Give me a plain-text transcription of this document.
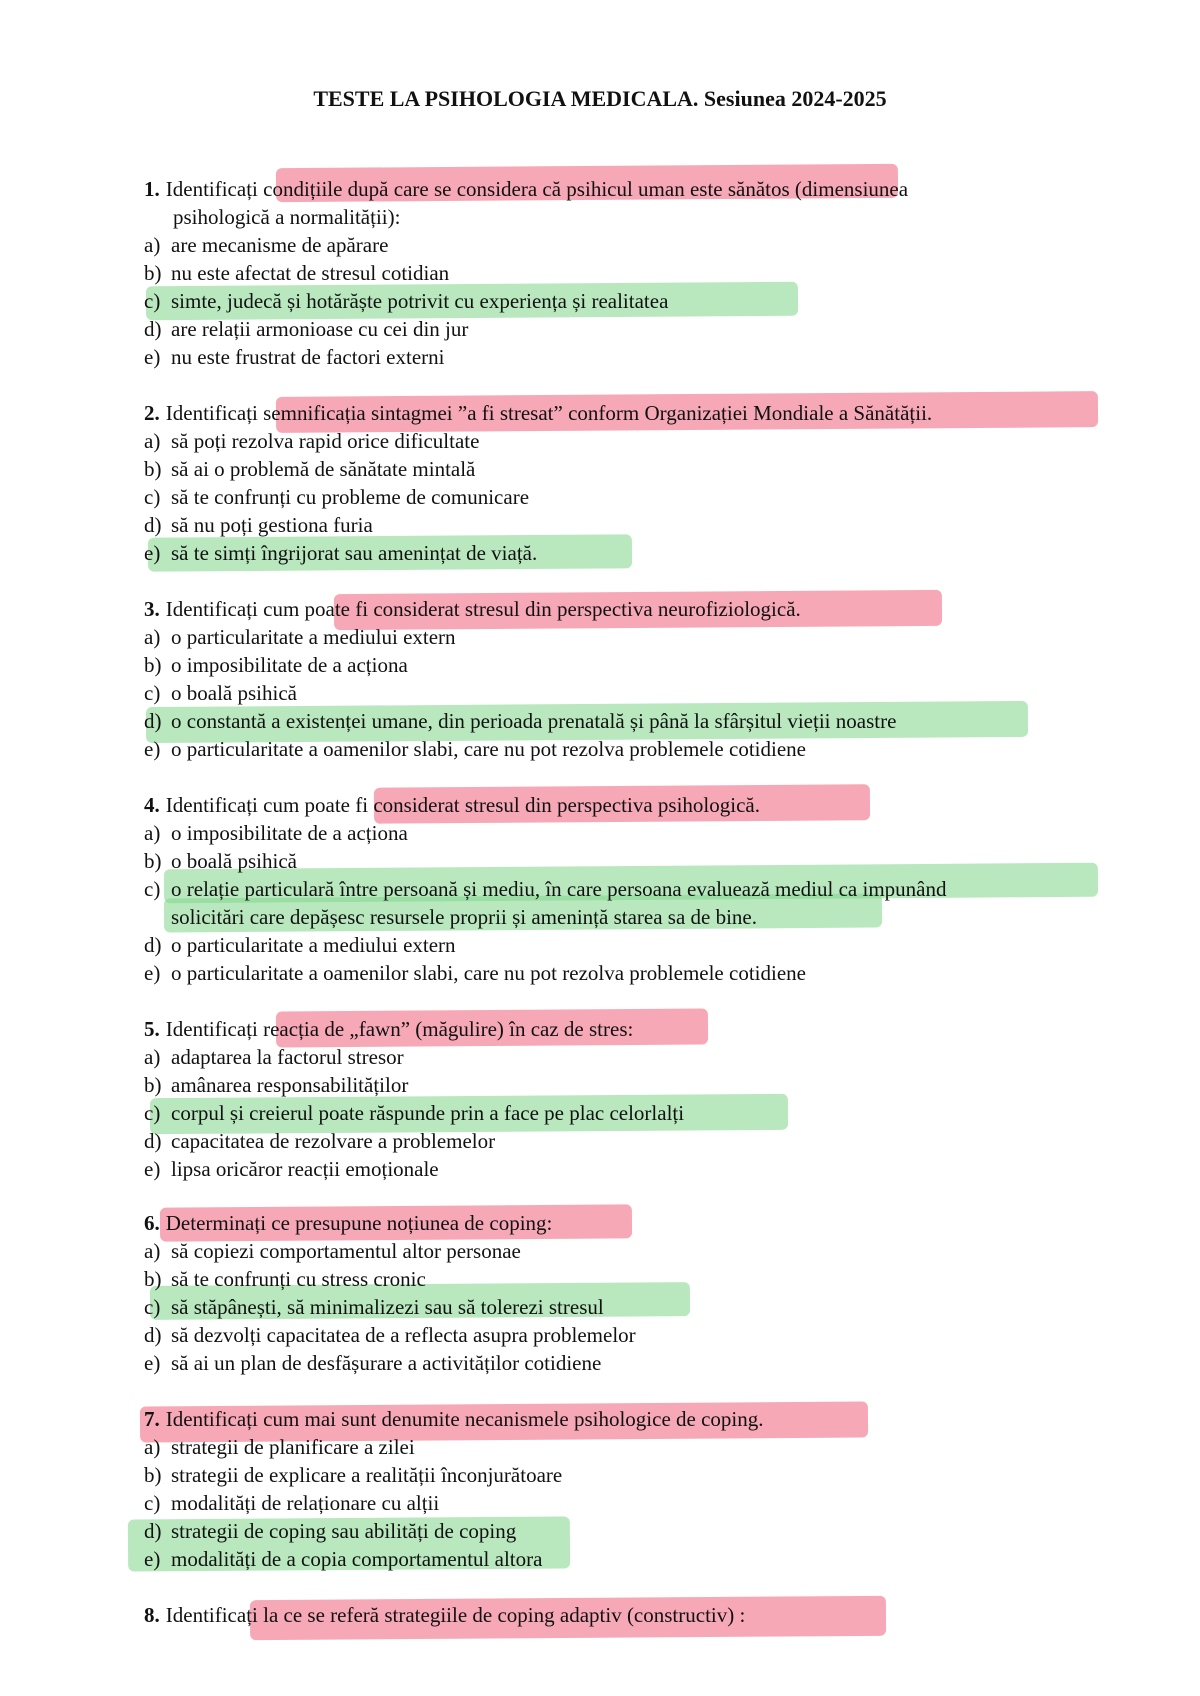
TESTE LA PSIHOLOGIA MEDICALA. Sesiunea 2024-2025
1. Identificați condițiile după care se considera că psihicul uman este sănătos (dimensiunea
psihologică a normalității):
a) are mecanisme de apărare
b) nu este afectat de stresul cotidian
c) simte, judecă și hotărăște potrivit cu experiența și realitatea
d) are relații armonioase cu cei din jur
e) nu este frustrat de factori externi
2. Identificați semnificația sintagmei ”a fi stresat” conform Organizației Mondiale a Sănătății.
a) să poți rezolva rapid orice dificultate
b) să ai o problemă de sănătate mintală
c) să te confrunți cu probleme de comunicare
d) să nu poți gestiona furia
e) să te simți îngrijorat sau amenințat de viață.
3. Identificați cum poate fi considerat stresul din perspectiva neurofiziologică.
a) o particularitate a mediului extern
b) o imposibilitate de a acționa
c) o boală psihică
d) o constantă a existenței umane, din perioada prenatală și până la sfârșitul vieții noastre
e) o particularitate a oamenilor slabi, care nu pot rezolva problemele cotidiene
4. Identificați cum poate fi considerat stresul din perspectiva psihologică.
a) o imposibilitate de a acționa
b) o boală psihică
c) o relație particulară între persoană și mediu, în care persoana evaluează mediul ca impunând
solicitări care depășesc resursele proprii și amenință starea sa de bine.
d) o particularitate a mediului extern
e) o particularitate a oamenilor slabi, care nu pot rezolva problemele cotidiene
5. Identificați reacția de „fawn” (măgulire) în caz de stres:
a) adaptarea la factorul stresor
b) amânarea responsabilităților
c) corpul și creierul poate răspunde prin a face pe plac celorlalți
d) capacitatea de rezolvare a problemelor
e) lipsa oricăror reacții emoționale
6. Determinați ce presupune noțiunea de coping:
a) să copiezi comportamentul altor personae
b) să te confrunți cu stress cronic
c) să stăpânești, să minimalizezi sau să tolerezi stresul
d) să dezvolți capacitatea de a reflecta asupra problemelor
e) să ai un plan de desfășurare a activităților cotidiene
7. Identificați cum mai sunt denumite necanismele psihologice de coping.
a) strategii de planificare a zilei
b) strategii de explicare a realității înconjurătoare
c) modalități de relaționare cu alții
d) strategii de coping sau abilități de coping
e) modalități de a copia comportamentul altora
8. Identificați la ce se referă strategiile de coping adaptiv (constructiv) :
